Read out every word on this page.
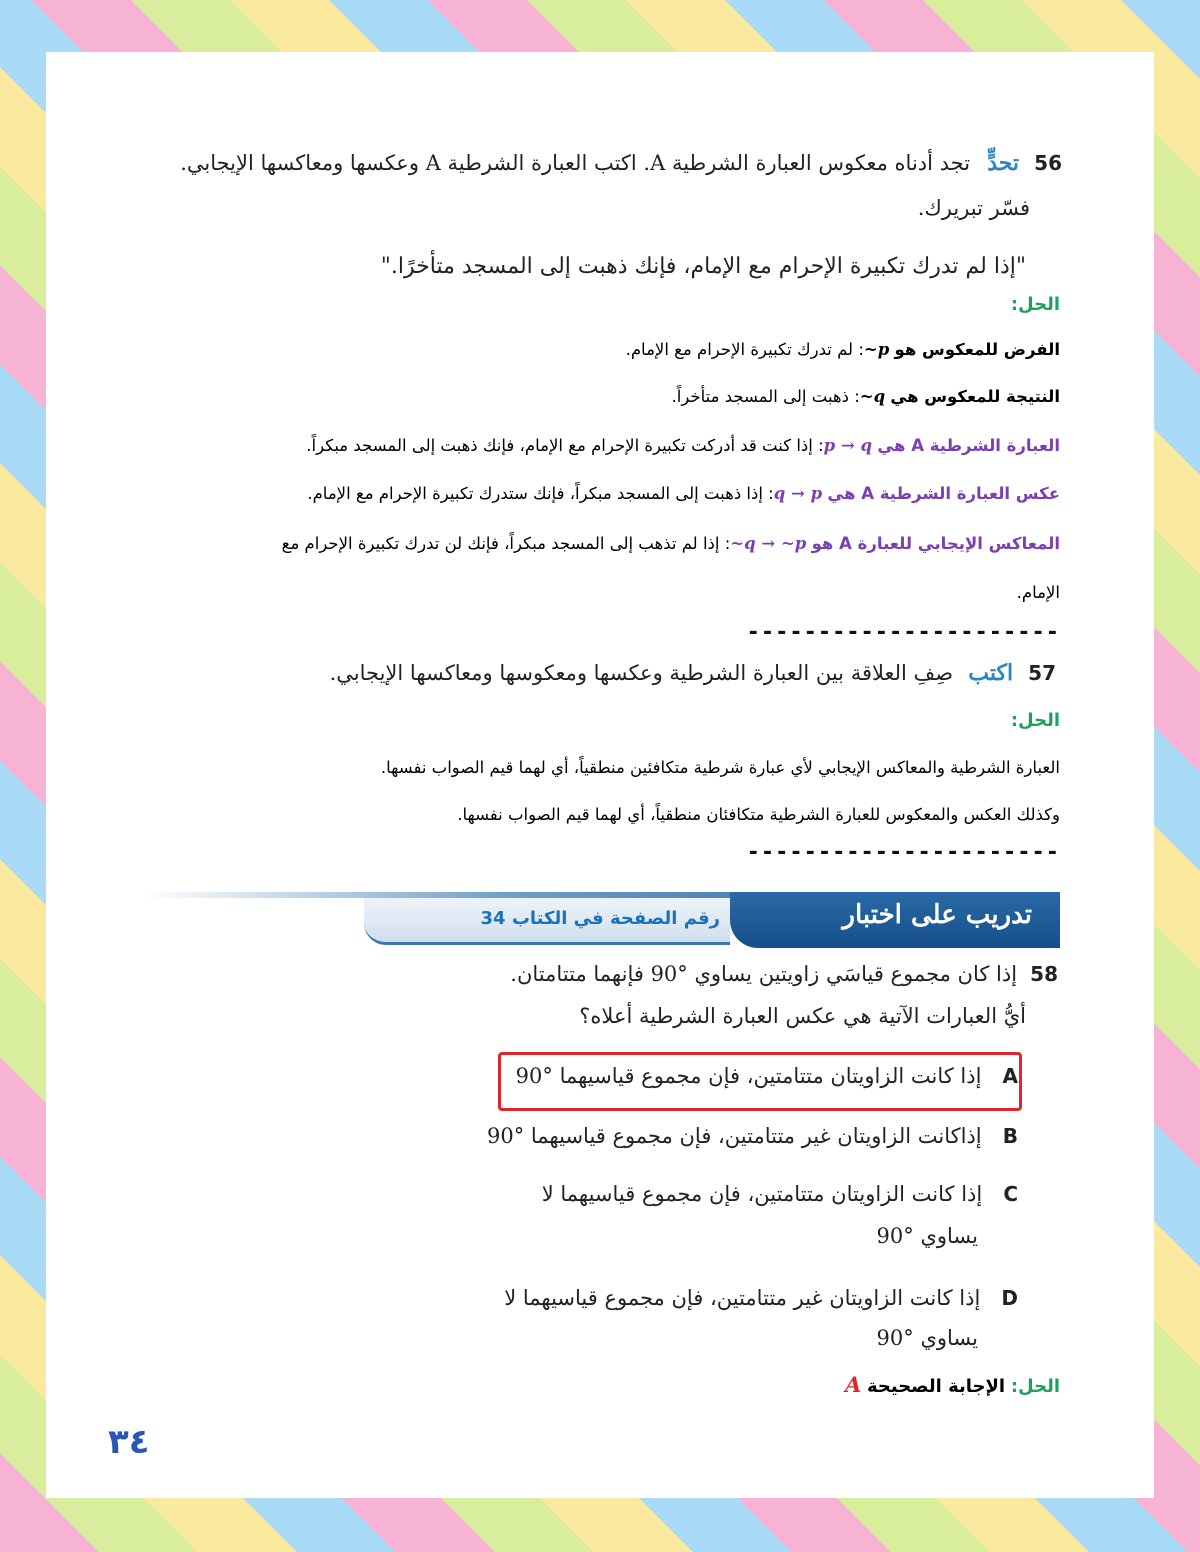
56 تحدٍّ تجد أدناه معكوس العبارة الشرطية A. اكتب العبارة الشرطية A وعكسها ومعاكسها الإيجابي.
فسّر تبريرك.
"إذا لم تدرك تكبيرة الإحرام مع الإمام، فإنك ذهبت إلى المسجد متأخرًا."
الحل:
الفرض للمعكوس هو ~p: لم تدرك تكبيرة الإحرام مع الإمام.
النتيجة للمعكوس هي ~q: ذهبت إلى المسجد متأخراً.
العبارة الشرطية A هي p → q: إذا كنت قد أدركت تكبيرة الإحرام مع الإمام، فإنك ذهبت إلى المسجد مبكراً.
عكس العبارة الشرطية A هي q → p: إذا ذهبت إلى المسجد مبكراً، فإنك ستدرك تكبيرة الإحرام مع الإمام.
المعاكس الإيجابي للعبارة A هو ~q → ~p: إذا لم تذهب إلى المسجد مبكراً، فإنك لن تدرك تكبيرة الإحرام مع
الإمام.
----------------------
57 اكتب صِفِ العلاقة بين العبارة الشرطية وعكسها ومعكوسها ومعاكسها الإيجابي.
الحل:
العبارة الشرطية والمعاكس الإيجابي لأي عبارة شرطية متكافئين منطقياً، أي لهما قيم الصواب نفسها.
وكذلك العكس والمعكوس للعبارة الشرطية متكافئان منطقياً، أي لهما قيم الصواب نفسها.
----------------------
تدريب على اختبار
رقم الصفحة في الكتاب 34
58 إذا كان مجموع قياسَي زاويتين يساوي °90 فإنهما متتامتان.
أيُّ العبارات الآتية هي عكس العبارة الشرطية أعلاه؟
A إذا كانت الزاويتان متتامتين، فإن مجموع قياسيهما °90
B إذاكانت الزاويتان غير متتامتين، فإن مجموع قياسيهما °90
C إذا كانت الزاويتان متتامتين، فإن مجموع قياسيهما لا
يساوي °90
D إذا كانت الزاويتان غير متتامتين، فإن مجموع قياسيهما لا
يساوي °90
الحل: الإجابة الصحيحة A
٣٤
